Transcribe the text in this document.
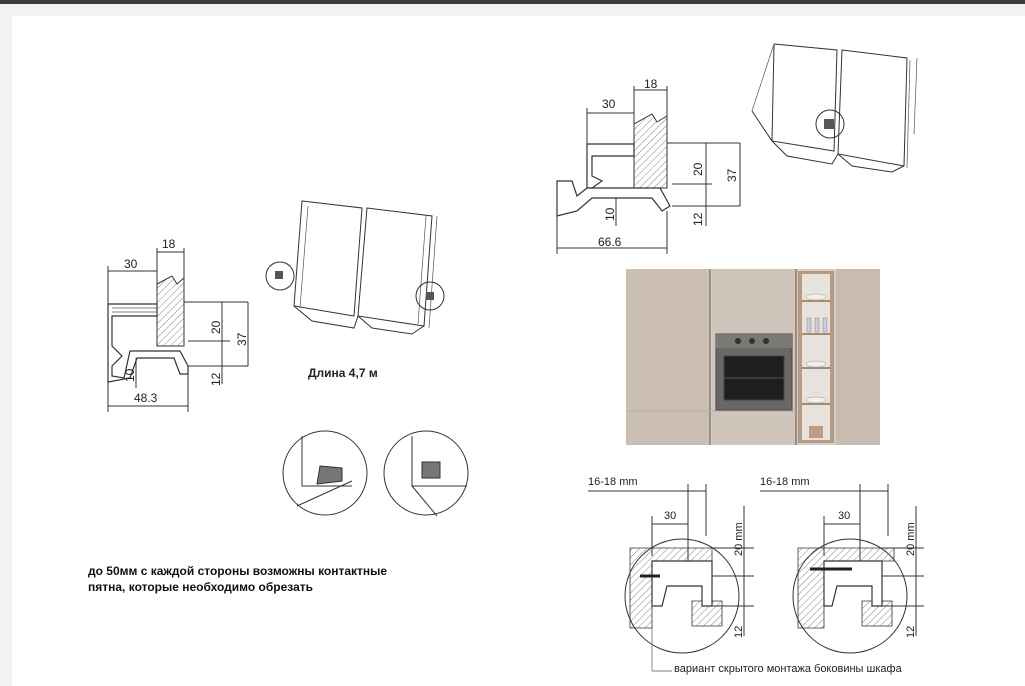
30
18
20
37
10	12
48.3
Длина 4,7 м
30
18
20 37
10	12
66.6
16-18 mm
30
20 mm
12
16-18 mm
30
20 mm
12
до 50мм с каждой стороны возможны контактные
пятна, которые необходимо обрезать
вариант скрытого монтажа боковины шкафа
